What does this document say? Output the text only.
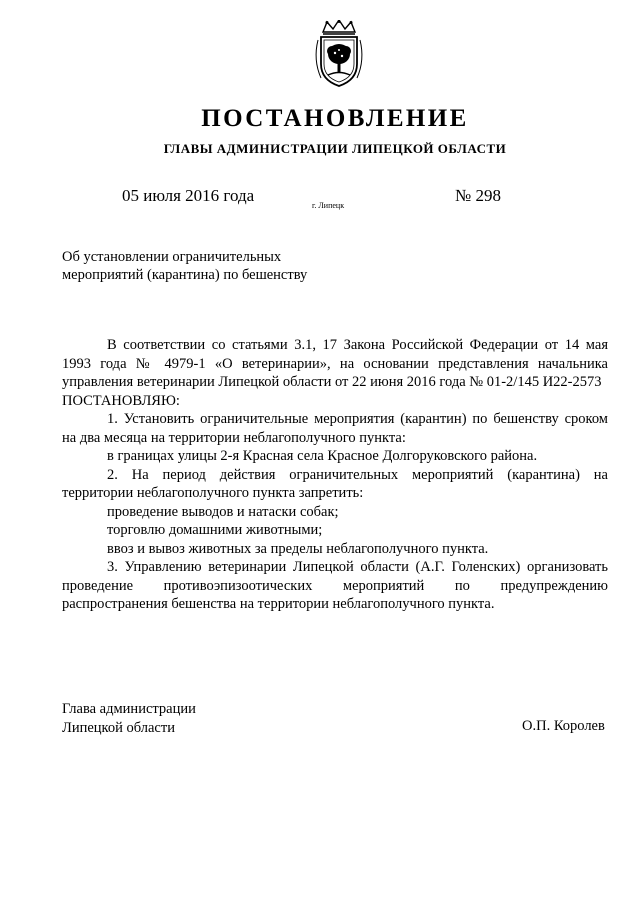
ПОСТАНОВЛЕНИЕ
ГЛАВЫ АДМИНИСТРАЦИИ ЛИПЕЦКОЙ ОБЛАСТИ
05 июля 2016 года
г. Липецк
№ 298
Об установлении ограничительных
мероприятий (карантина) по бешенству

В соответствии со статьями 3.1, 17 Закона Российской Федерации от 14 мая 1993 года № 4979-1 «О ветеринарии», на основании представления начальника управления ветеринарии Липецкой области от 22 июня 2016 года № 01-2/145 И22-2573

ПОСТАНОВЛЯЮ:

1. Установить ограничительные мероприятия (карантин) по бешенству сроком на два месяца на территории неблагополучного пункта:

в границах улицы 2-я Красная села Красное Долгоруковского района.

2. На период действия ограничительных мероприятий (карантина) на территории неблагополучного пункта запретить:

проведение выводов и натаски собак;

торговлю домашними животными;

ввоз и вывоз животных за пределы неблагополучного пункта.

3. Управлению ветеринарии Липецкой области (А.Г. Голенских) организовать проведение противоэпизоотических мероприятий по предупреждению распространения бешенства на территории неблагополучного пункта.

Глава администрации
Липецкой области	О.П. Королев
